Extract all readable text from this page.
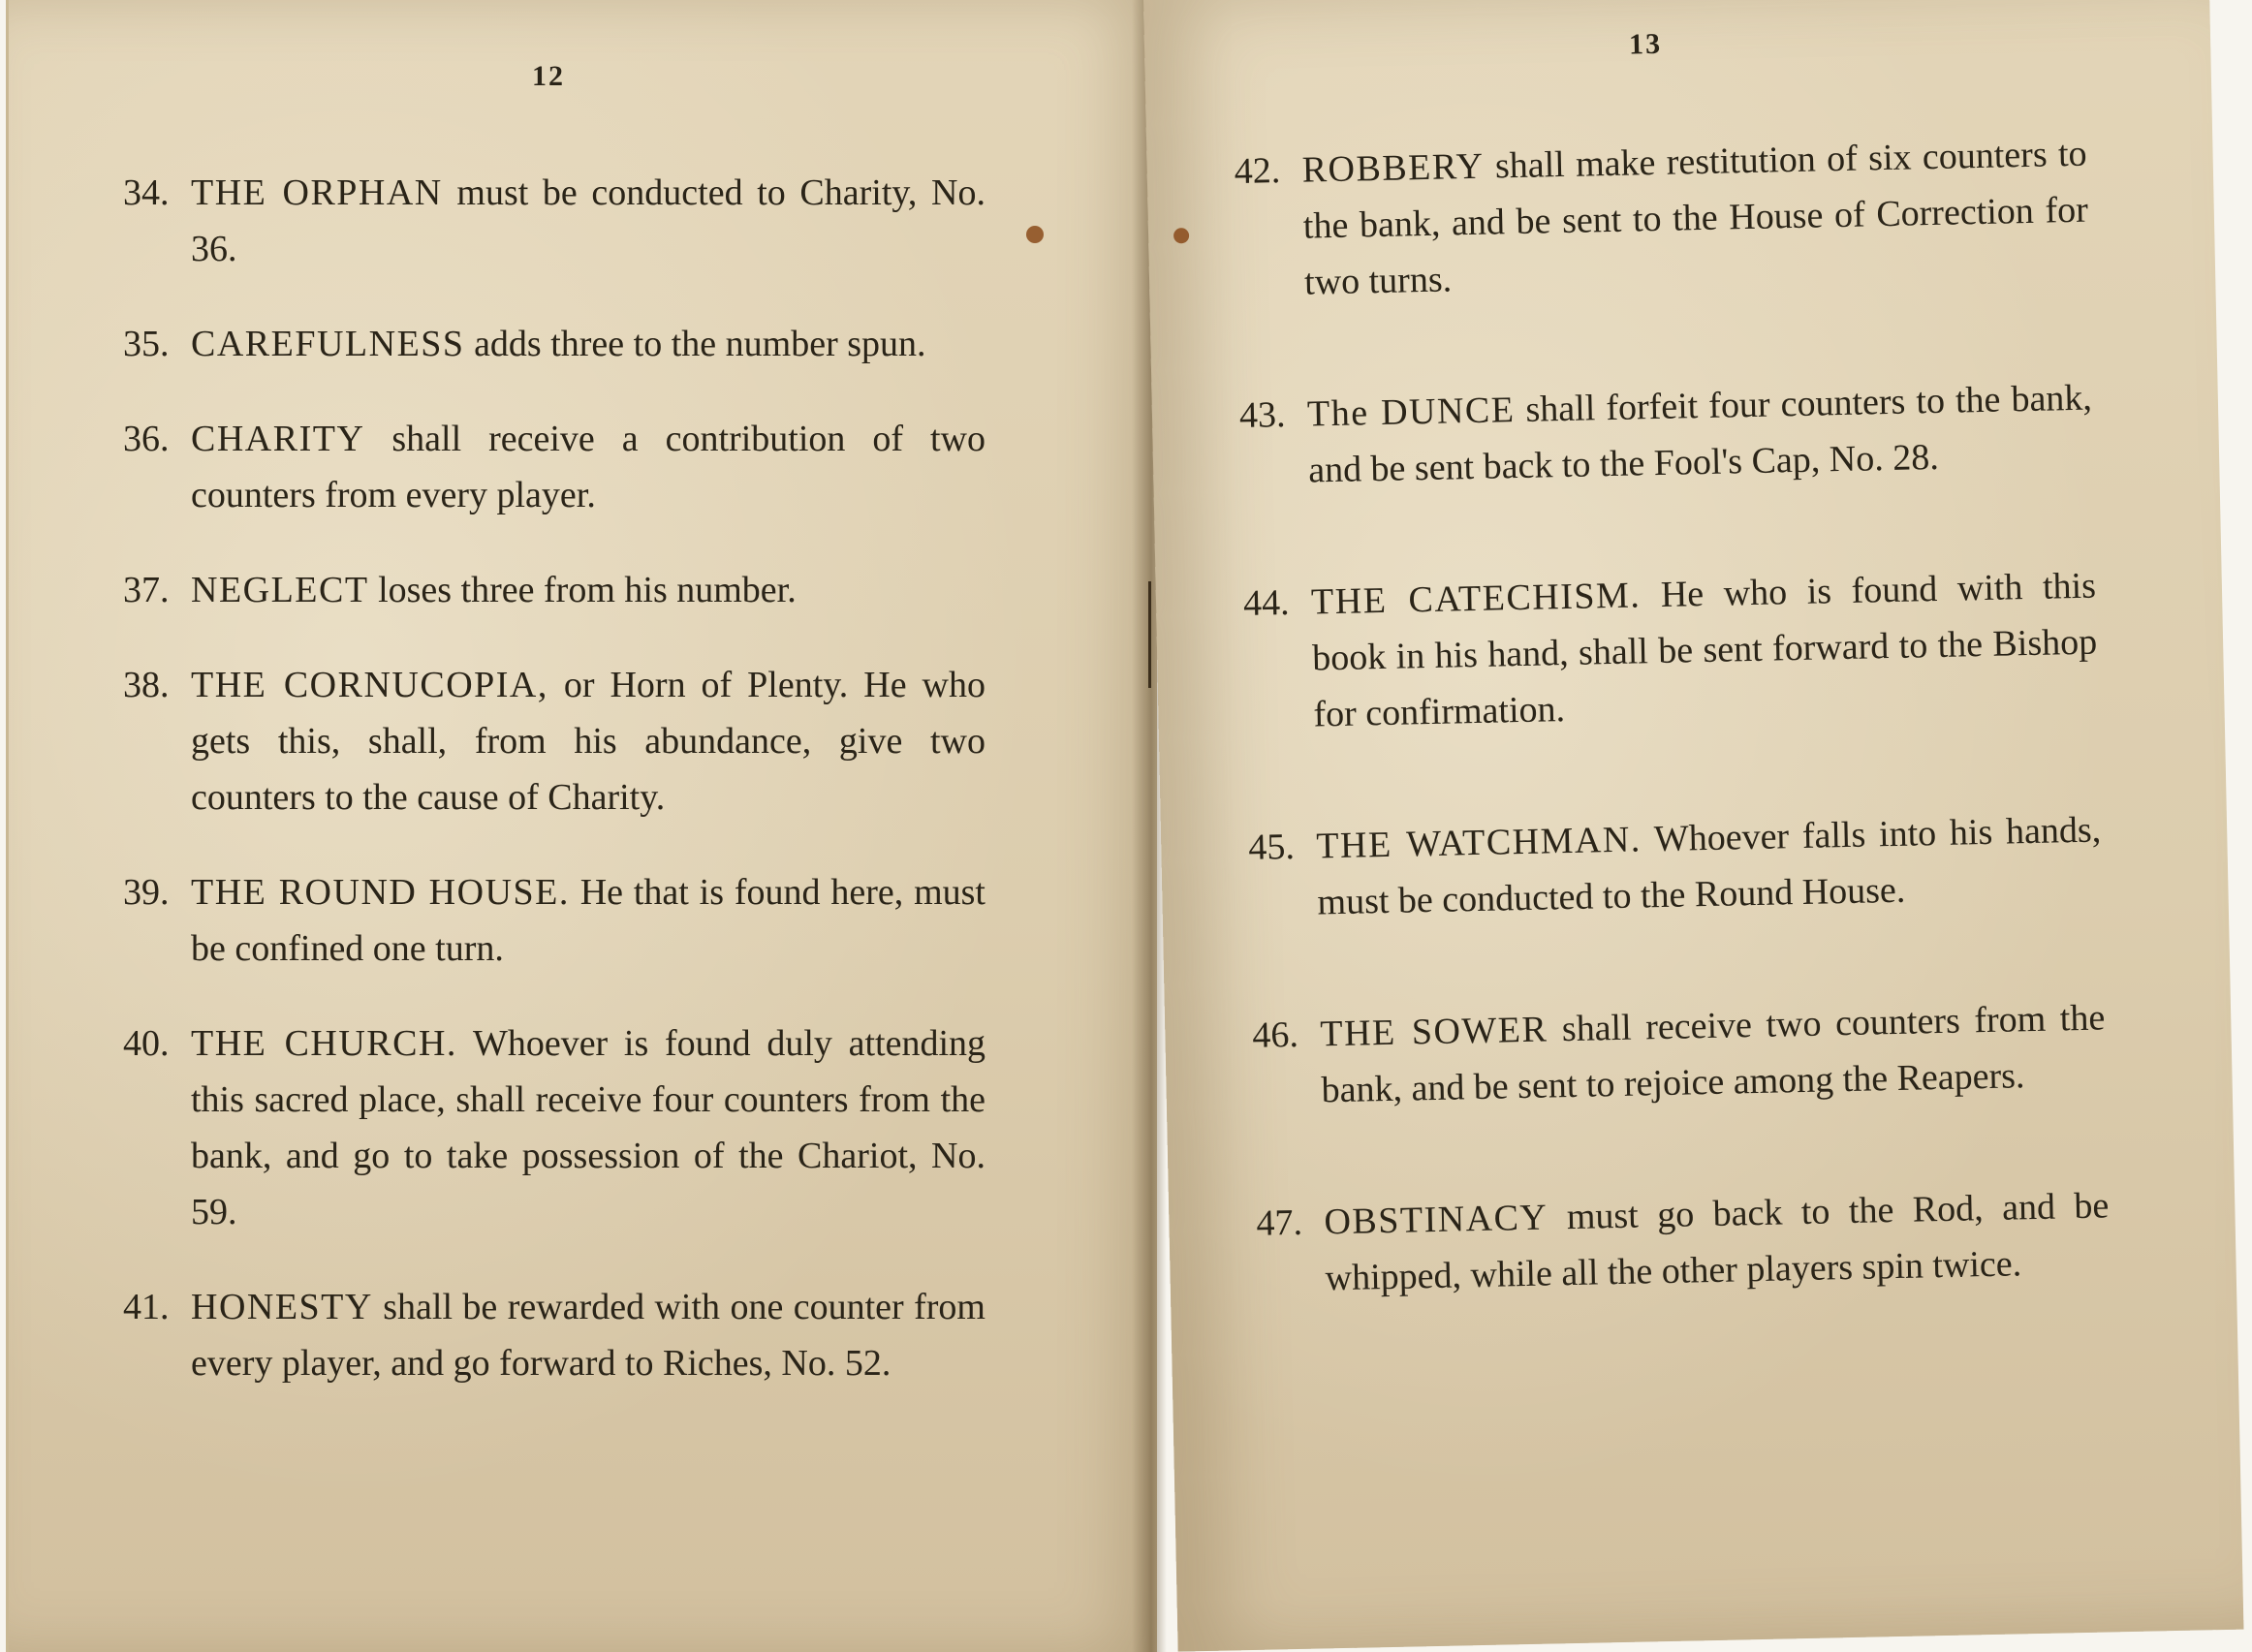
12
34. THE ORPHAN must be conducted to Charity, No. 36.
35. CAREFULNESS adds three to the number spun.
36. CHARITY shall receive a contribution of two counters from every player.
37. NEGLECT loses three from his number.
38. THE CORNUCOPIA, or Horn of Plenty. He who gets this, shall, from his abundance, give two counters to the cause of Charity.
39. THE ROUND HOUSE. He that is found here, must be confined one turn.
40. THE CHURCH. Whoever is found duly attending this sacred place, shall receive four counters from the bank, and go to take possession of the Chariot, No. 59.
41. HONESTY shall be rewarded with one counter from every player, and go forward to Riches, No. 52.
13
42. ROBBERY shall make restitution of six counters to the bank, and be sent to the House of Correction for two turns.
43. The DUNCE shall forfeit four counters to the bank, and be sent back to the Fool's Cap, No. 28.
44. THE CATECHISM. He who is found with this book in his hand, shall be sent forward to the Bishop for confirmation.
45. THE WATCHMAN. Whoever falls into his hands, must be conducted to the Round House.
46. THE SOWER shall receive two counters from the bank, and be sent to rejoice among the Reapers.
47. OBSTINACY must go back to the Rod, and be whipped, while all the other players spin twice.
